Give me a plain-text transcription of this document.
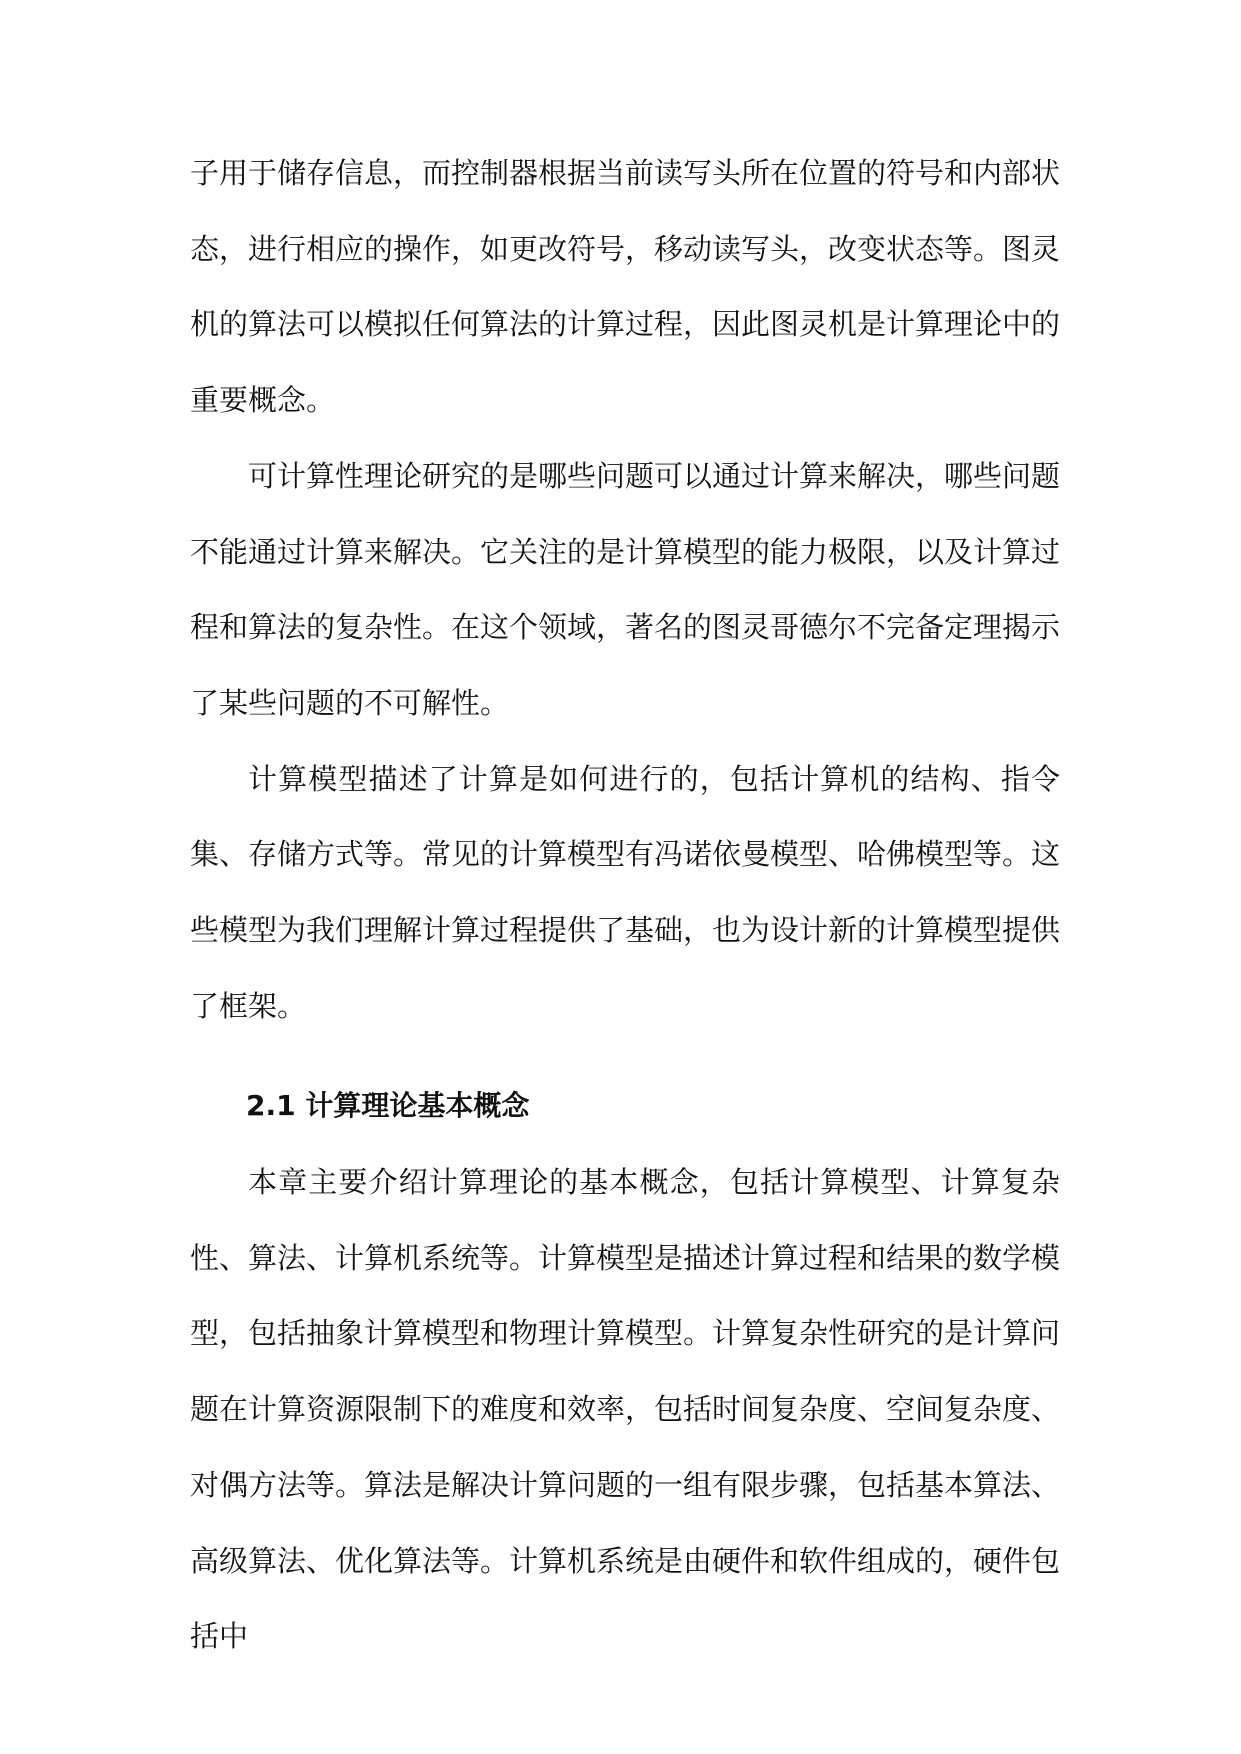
子用于储存信息，而控制器根据当前读写头所在位置的符号和内部状态，进行相应的操作，如更改符号，移动读写头，改变状态等。图灵机的算法可以模拟任何算法的计算过程，因此图灵机是计算理论中的重要概念。

可计算性理论研究的是哪些问题可以通过计算来解决，哪些问题不能通过计算来解决。它关注的是计算模型的能力极限，以及计算过程和算法的复杂性。在这个领域，著名的图灵哥德尔不完备定理揭示了某些问题的不可解性。

计算模型描述了计算是如何进行的，包括计算机的结构、指令集、存储方式等。常见的计算模型有冯诺依曼模型、哈佛模型等。这些模型为我们理解计算过程提供了基础，也为设计新的计算模型提供了框架。

2.1 计算理论基本概念

本章主要介绍计算理论的基本概念，包括计算模型、计算复杂性、算法、计算机系统等。计算模型是描述计算过程和结果的数学模型，包括抽象计算模型和物理计算模型。计算复杂性研究的是计算问题在计算资源限制下的难度和效率，包括时间复杂度、空间复杂度、对偶方法等。算法是解决计算问题的一组有限步骤，包括基本算法、高级算法、优化算法等。计算机系统是由硬件和软件组成的，硬件包括中
